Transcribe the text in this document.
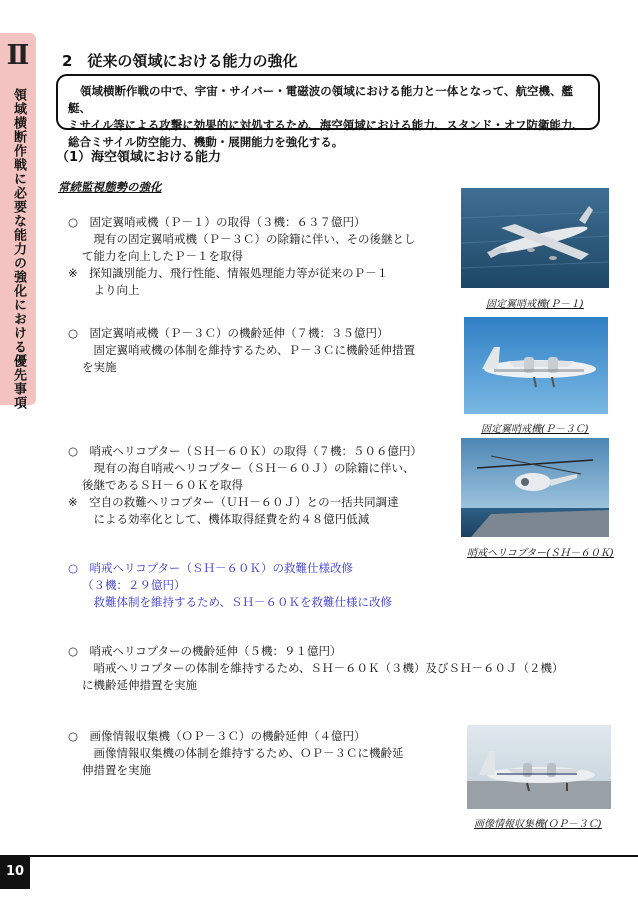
Ⅱ
領域横断作戦に必要な能力の強化における優先事項
2　従来の領域における能力の強化
領域横断作戦の中で、宇宙・サイバー・電磁波の領域における能力と一体となって、航空機、艦艇、
ミサイル等による攻撃に効果的に対処するため、海空領域における能力、スタンド・オフ防衛能力、
総合ミサイル防空能力、機動・展開能力を強化する。
（1）海空領域における能力
常続監視態勢の強化
○　固定翼哨戒機（Ｐ－１）の取得（３機：６３７億円）
　現有の固定翼哨戒機（Ｐ－３Ｃ）の除籍に伴い、その後継とし
て能力を向上したＰ－１を取得
※　探知識別能力、飛行性能、情報処理能力等が従来のＰ－１
　より向上
○　固定翼哨戒機（Ｐ－３Ｃ）の機齢延伸（７機：３５億円）
　固定翼哨戒機の体制を維持するため、Ｐ－３Ｃに機齢延伸措置
を実施
○　哨戒ヘリコプター（ＳＨ－６０Ｋ）の取得（７機：５０６億円）
　現有の海自哨戒ヘリコプター（ＳＨ－６０Ｊ）の除籍に伴い、
後継であるＳＨ－６０Ｋを取得
※　空自の救難ヘリコプター（ＵＨ－６０Ｊ）との一括共同調達
　による効率化として、機体取得経費を約４８億円低減
○　哨戒ヘリコプター（ＳＨ－６０Ｋ）の救難仕様改修
（３機：２９億円）
　救難体制を維持するため、ＳＨ－６０Ｋを救難仕様に改修
○　哨戒ヘリコプターの機齢延伸（５機：９１億円）
　哨戒ヘリコプターの体制を維持するため、ＳＨ－６０Ｋ（３機）及びＳＨ－６０Ｊ（２機）
に機齢延伸措置を実施
○　画像情報収集機（ＯＰ－３Ｃ）の機齢延伸（４億円）
　画像情報収集機の体制を維持するため、ＯＰ－３Ｃに機齢延
伸措置を実施
固定翼哨戒機(Ｐ－１)
固定翼哨戒機(Ｐ－３Ｃ)
哨戒ヘリコプター(ＳＨ－６０Ｋ)
画像情報収集機(ＯＰ－３Ｃ)
10
